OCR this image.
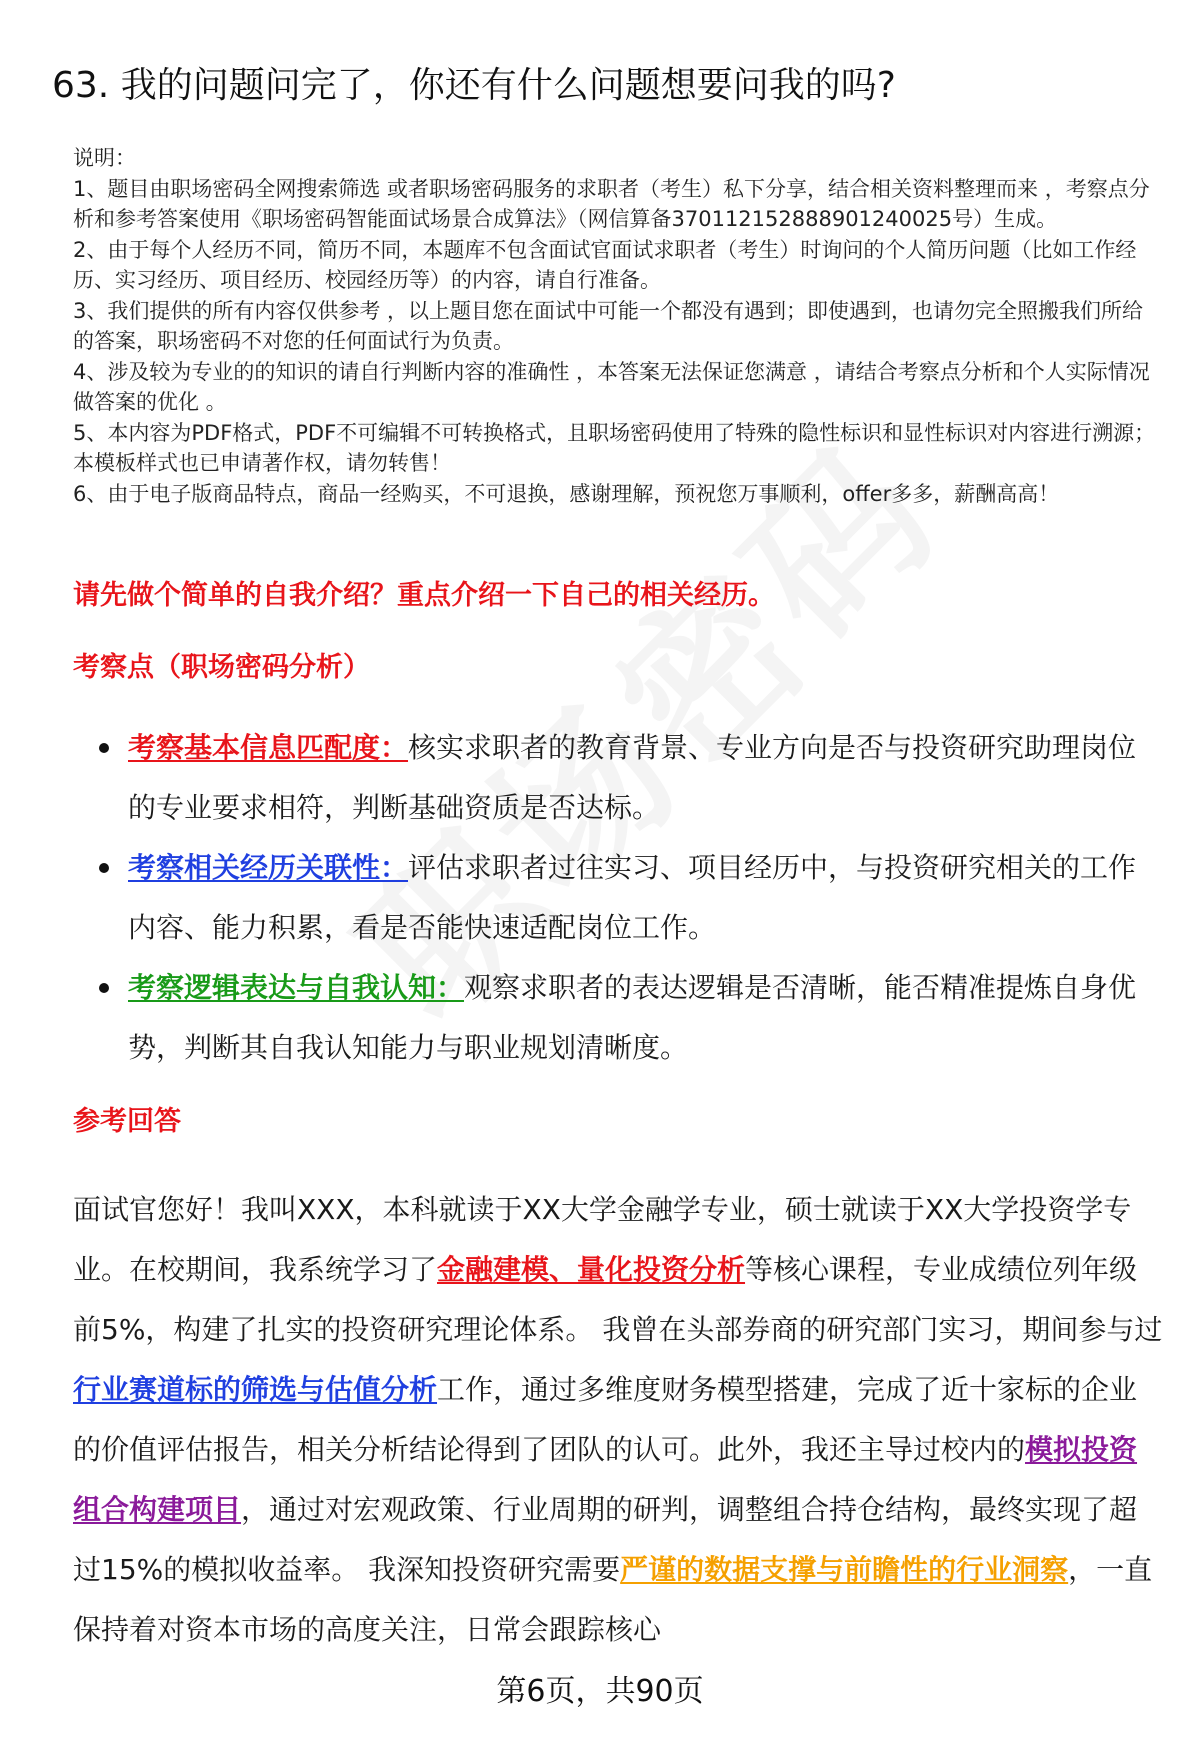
63. 我的问题问完了，你还有什么问题想要问我的吗?

说明：

1、题目由职场密码全网搜索筛选 或者职场密码服务的求职者（考生）私下分享，结合相关资料整理而来 ，考察点分析和参考答案使用《职场密码智能面试场景合成算法》（网信算备370112152888901240025号）生成。

2、由于每个人经历不同，简历不同，本题库不包含面试官面试求职者（考生）时询问的个人简历问题（比如工作经历、实习经历、项目经历、校园经历等）的内容，请自行准备。

3、我们提供的所有内容仅供参考 ，以上题目您在面试中可能一个都没有遇到；即使遇到，也请勿完全照搬我们所给的答案，职场密码不对您的任何面试行为负责。

4、涉及较为专业的的知识的请自行判断内容的准确性 ，本答案无法保证您满意 ，请结合考察点分析和个人实际情况做答案的优化 。

5、本内容为PDF格式，PDF不可编辑不可转换格式，且职场密码使用了特殊的隐性标识和显性标识对内容进行溯源；本模板样式也已申请著作权，请勿转售！

6、由于电子版商品特点，商品一经购买，不可退换，感谢理解，预祝您万事顺利，offer多多，薪酬高高！

请先做个简单的自我介绍？重点介绍一下自己的相关经历。
考察点（职场密码分析）
考察基本信息匹配度：核实求职者的教育背景、专业方向是否与投资研究助理岗位的专业要求相符，判断基础资质是否达标。
考察相关经历关联性：评估求职者过往实习、项目经历中，与投资研究相关的工作内容、能力积累，看是否能快速适配岗位工作。
考察逻辑表达与自我认知：观察求职者的表达逻辑是否清晰，能否精准提炼自身优势，判断其自我认知能力与职业规划清晰度。
参考回答
面试官您好！我叫XXX，本科就读于XX大学金融学专业，硕士就读于XX大学投资学专业。在校期间，我系统学习了金融建模、量化投资分析等核心课程，专业成绩位列年级前5%，构建了扎实的投资研究理论体系。 我曾在头部券商的研究部门实习，期间参与过行业赛道标的筛选与估值分析工作，通过多维度财务模型搭建，完成了近十家标的企业的价值评估报告，相关分析结论得到了团队的认可。此外，我还主导过校内的模拟投资组合构建项目，通过对宏观政策、行业周期的研判，调整组合持仓结构，最终实现了超过15%的模拟收益率。 我深知投资研究需要严谨的数据支撑与前瞻性的行业洞察，一直保持着对资本市场的高度关注，日常会跟踪核心
第6页，共90页
